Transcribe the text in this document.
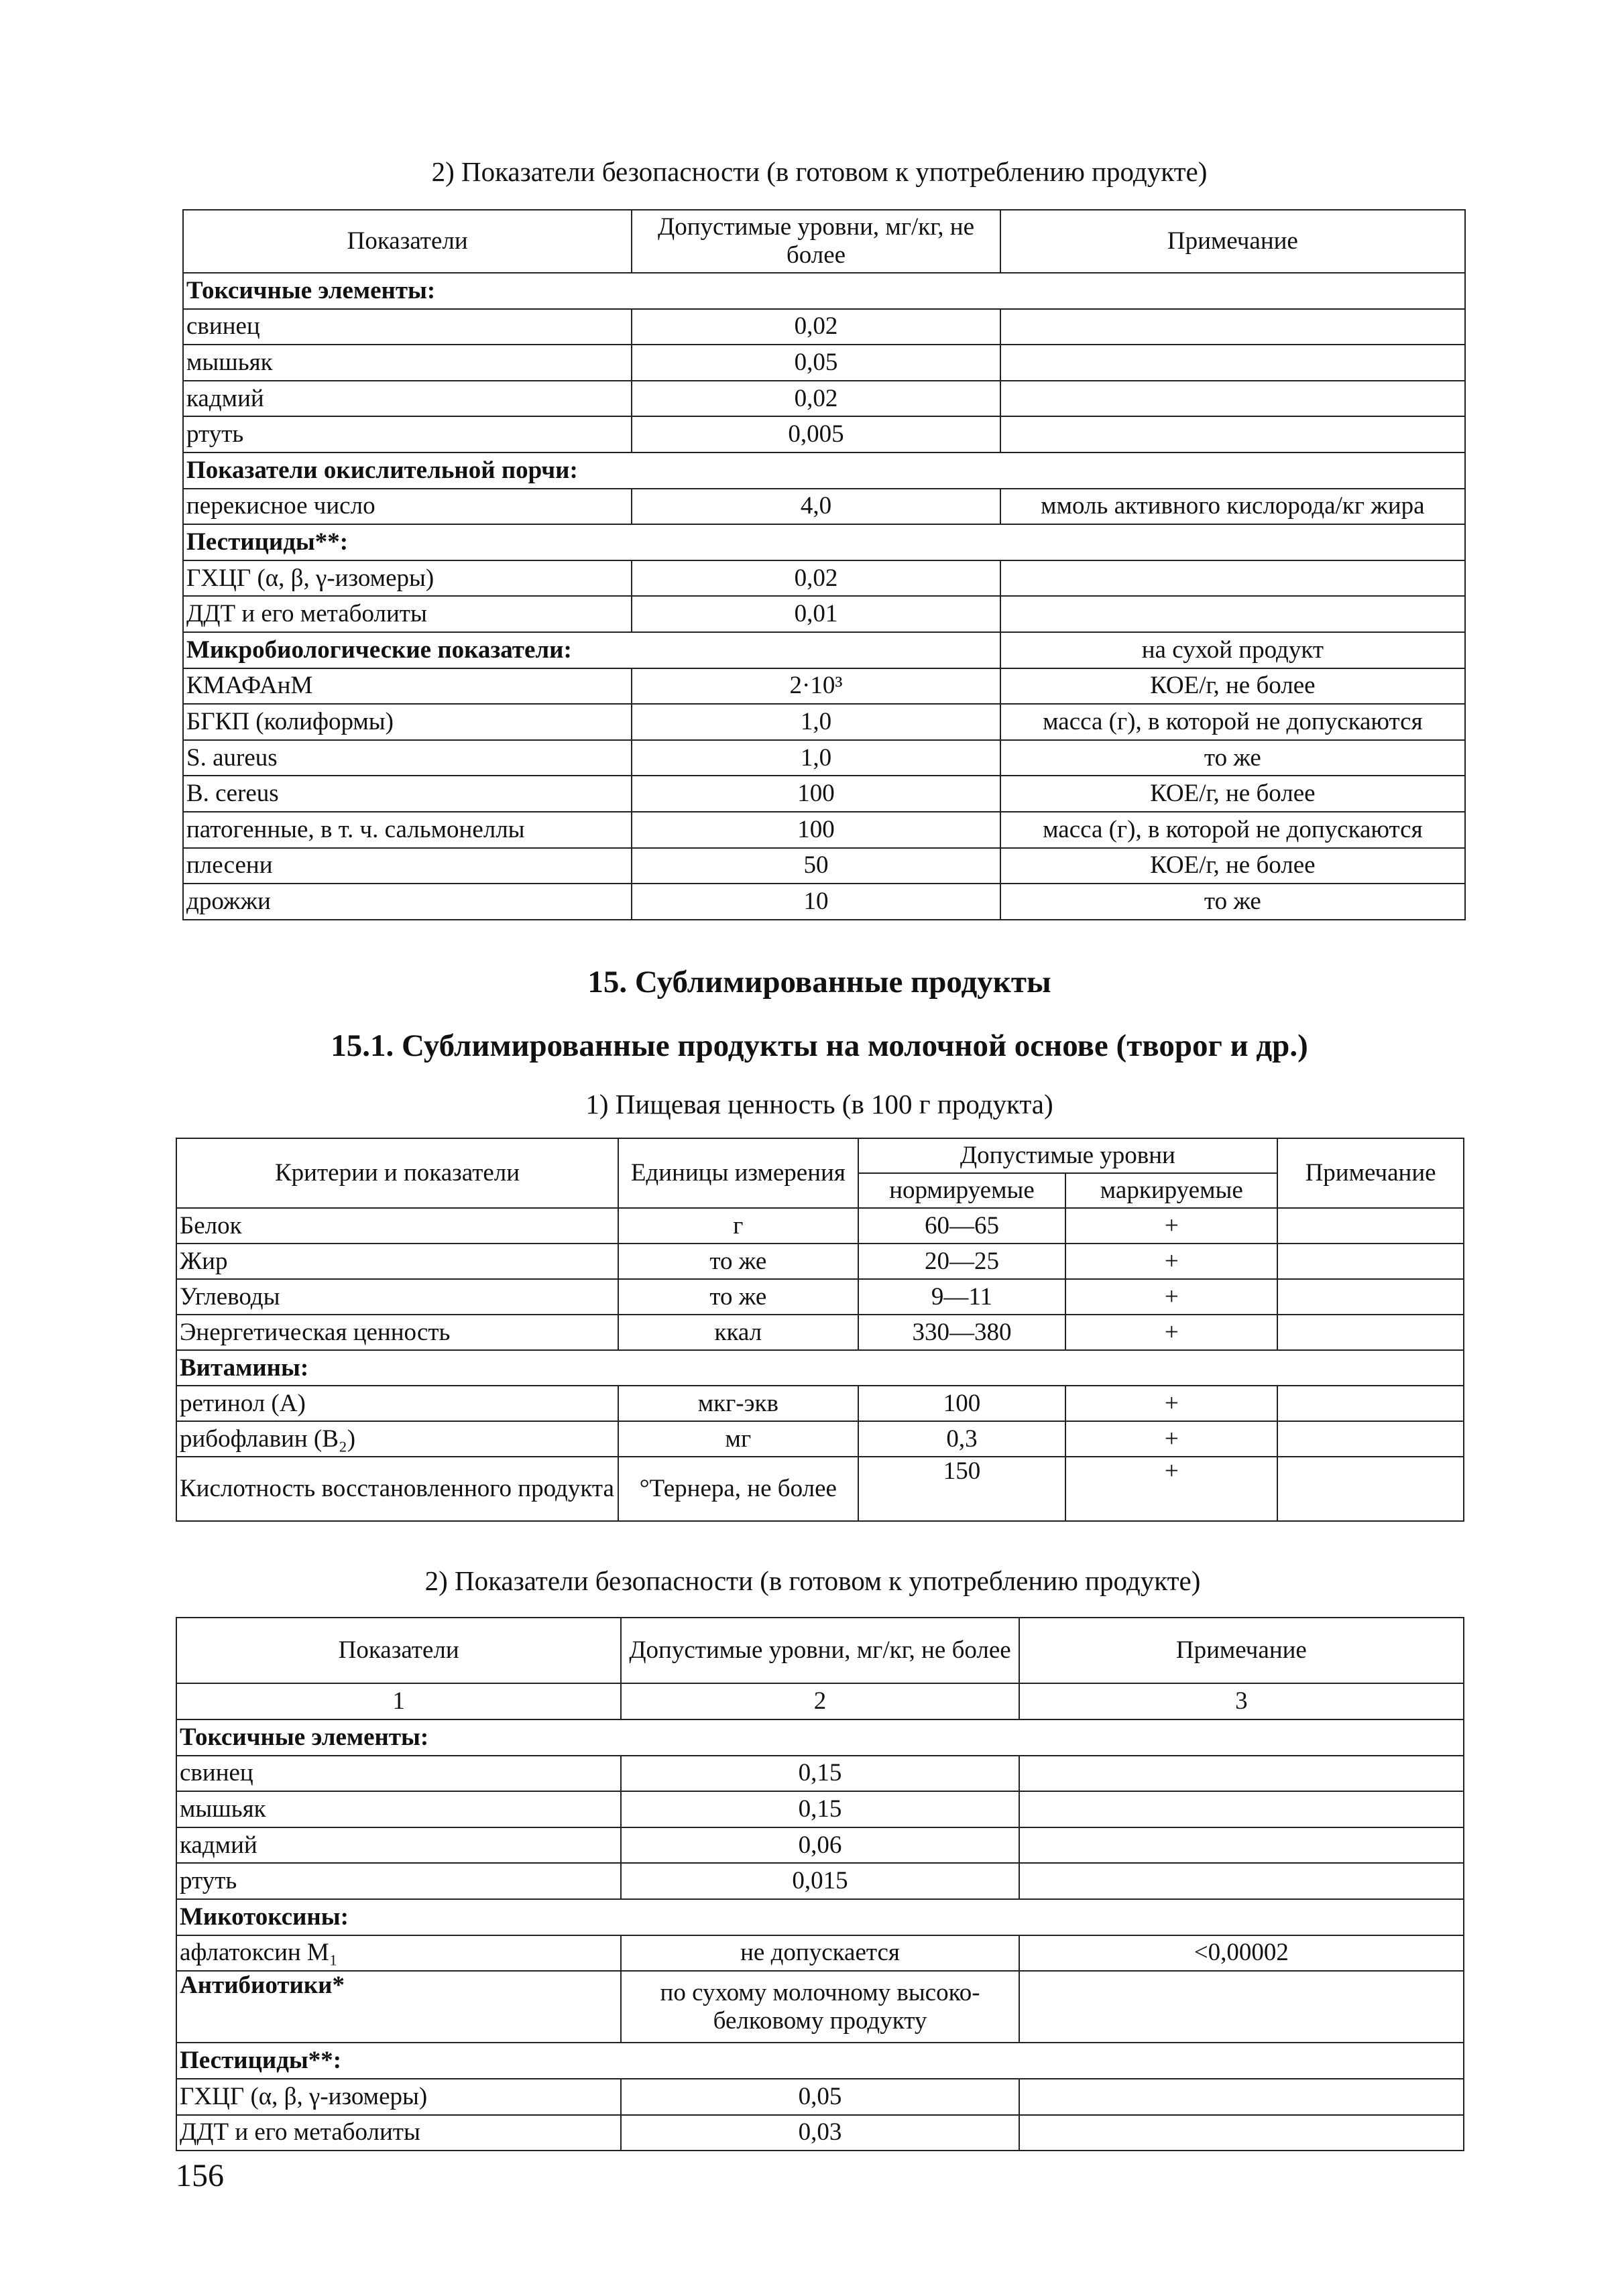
2) Показатели безопасности (в готовом к употреблению продукте)
Показатели	Допустимые уровни, мг/кг, не более	Примечание
Токсичные элементы:		
свинец	0,02	
мышьяк	0,05	
кадмий	0,02	
ртуть	0,005	
Показатели окислительной порчи:		
перекисное число	4,0	ммоль активного кислорода/кг жира
Пестициды**:		
ГХЦГ (α, β, γ-изомеры)	0,02	
ДДТ и его метаболиты	0,01	
Микробиологические показатели:		на сухой продукт
КМАФАнМ	2·10³	КОЕ/г, не более
БГКП (колиформы)	1,0	масса (г), в которой не допускаются
S. aureus	1,0	то же
B. cereus	100	КОЕ/г, не более
патогенные, в т. ч. сальмонеллы	100	масса (г), в которой не допускаются
плесени	50	КОЕ/г, не более
дрожжи	10	то же
15. Сублимированные продукты
15.1. Сублимированные продукты на молочной основе (творог и др.)
1) Пищевая ценность (в 100 г продукта)
Критерии и показатели	Единицы измерения	Допустимые уровни		Примечание
		нормируемые	маркируемые	
Белок	г	60—65	+	
Жир	то же	20—25	+	
Углеводы	то же	9—11	+	
Энергетическая ценность	ккал	330—380	+	
Витамины:				
ретинол (А)	мкг-экв	100	+	
рибофлавин (B₂)	мг	0,3	+	
Кислотность восстановленного продукта	°Тернера, не более	150	+	
2) Показатели безопасности (в готовом к употреблению продукте)
Показатели	Допустимые уровни, мг/кг, не более	Примечание
1	2	3
Токсичные элементы:		
свинец	0,15	
мышьяк	0,15	
кадмий	0,06	
ртуть	0,015	
Микотоксины:		
афлатоксин M₁	не допускается	<0,00002
Антибиотики*	по сухому молочному высоко-белковому продукту	
Пестициды**:		
ГХЦГ (α, β, γ-изомеры)	0,05	
ДДТ и его метаболиты	0,03	
156
